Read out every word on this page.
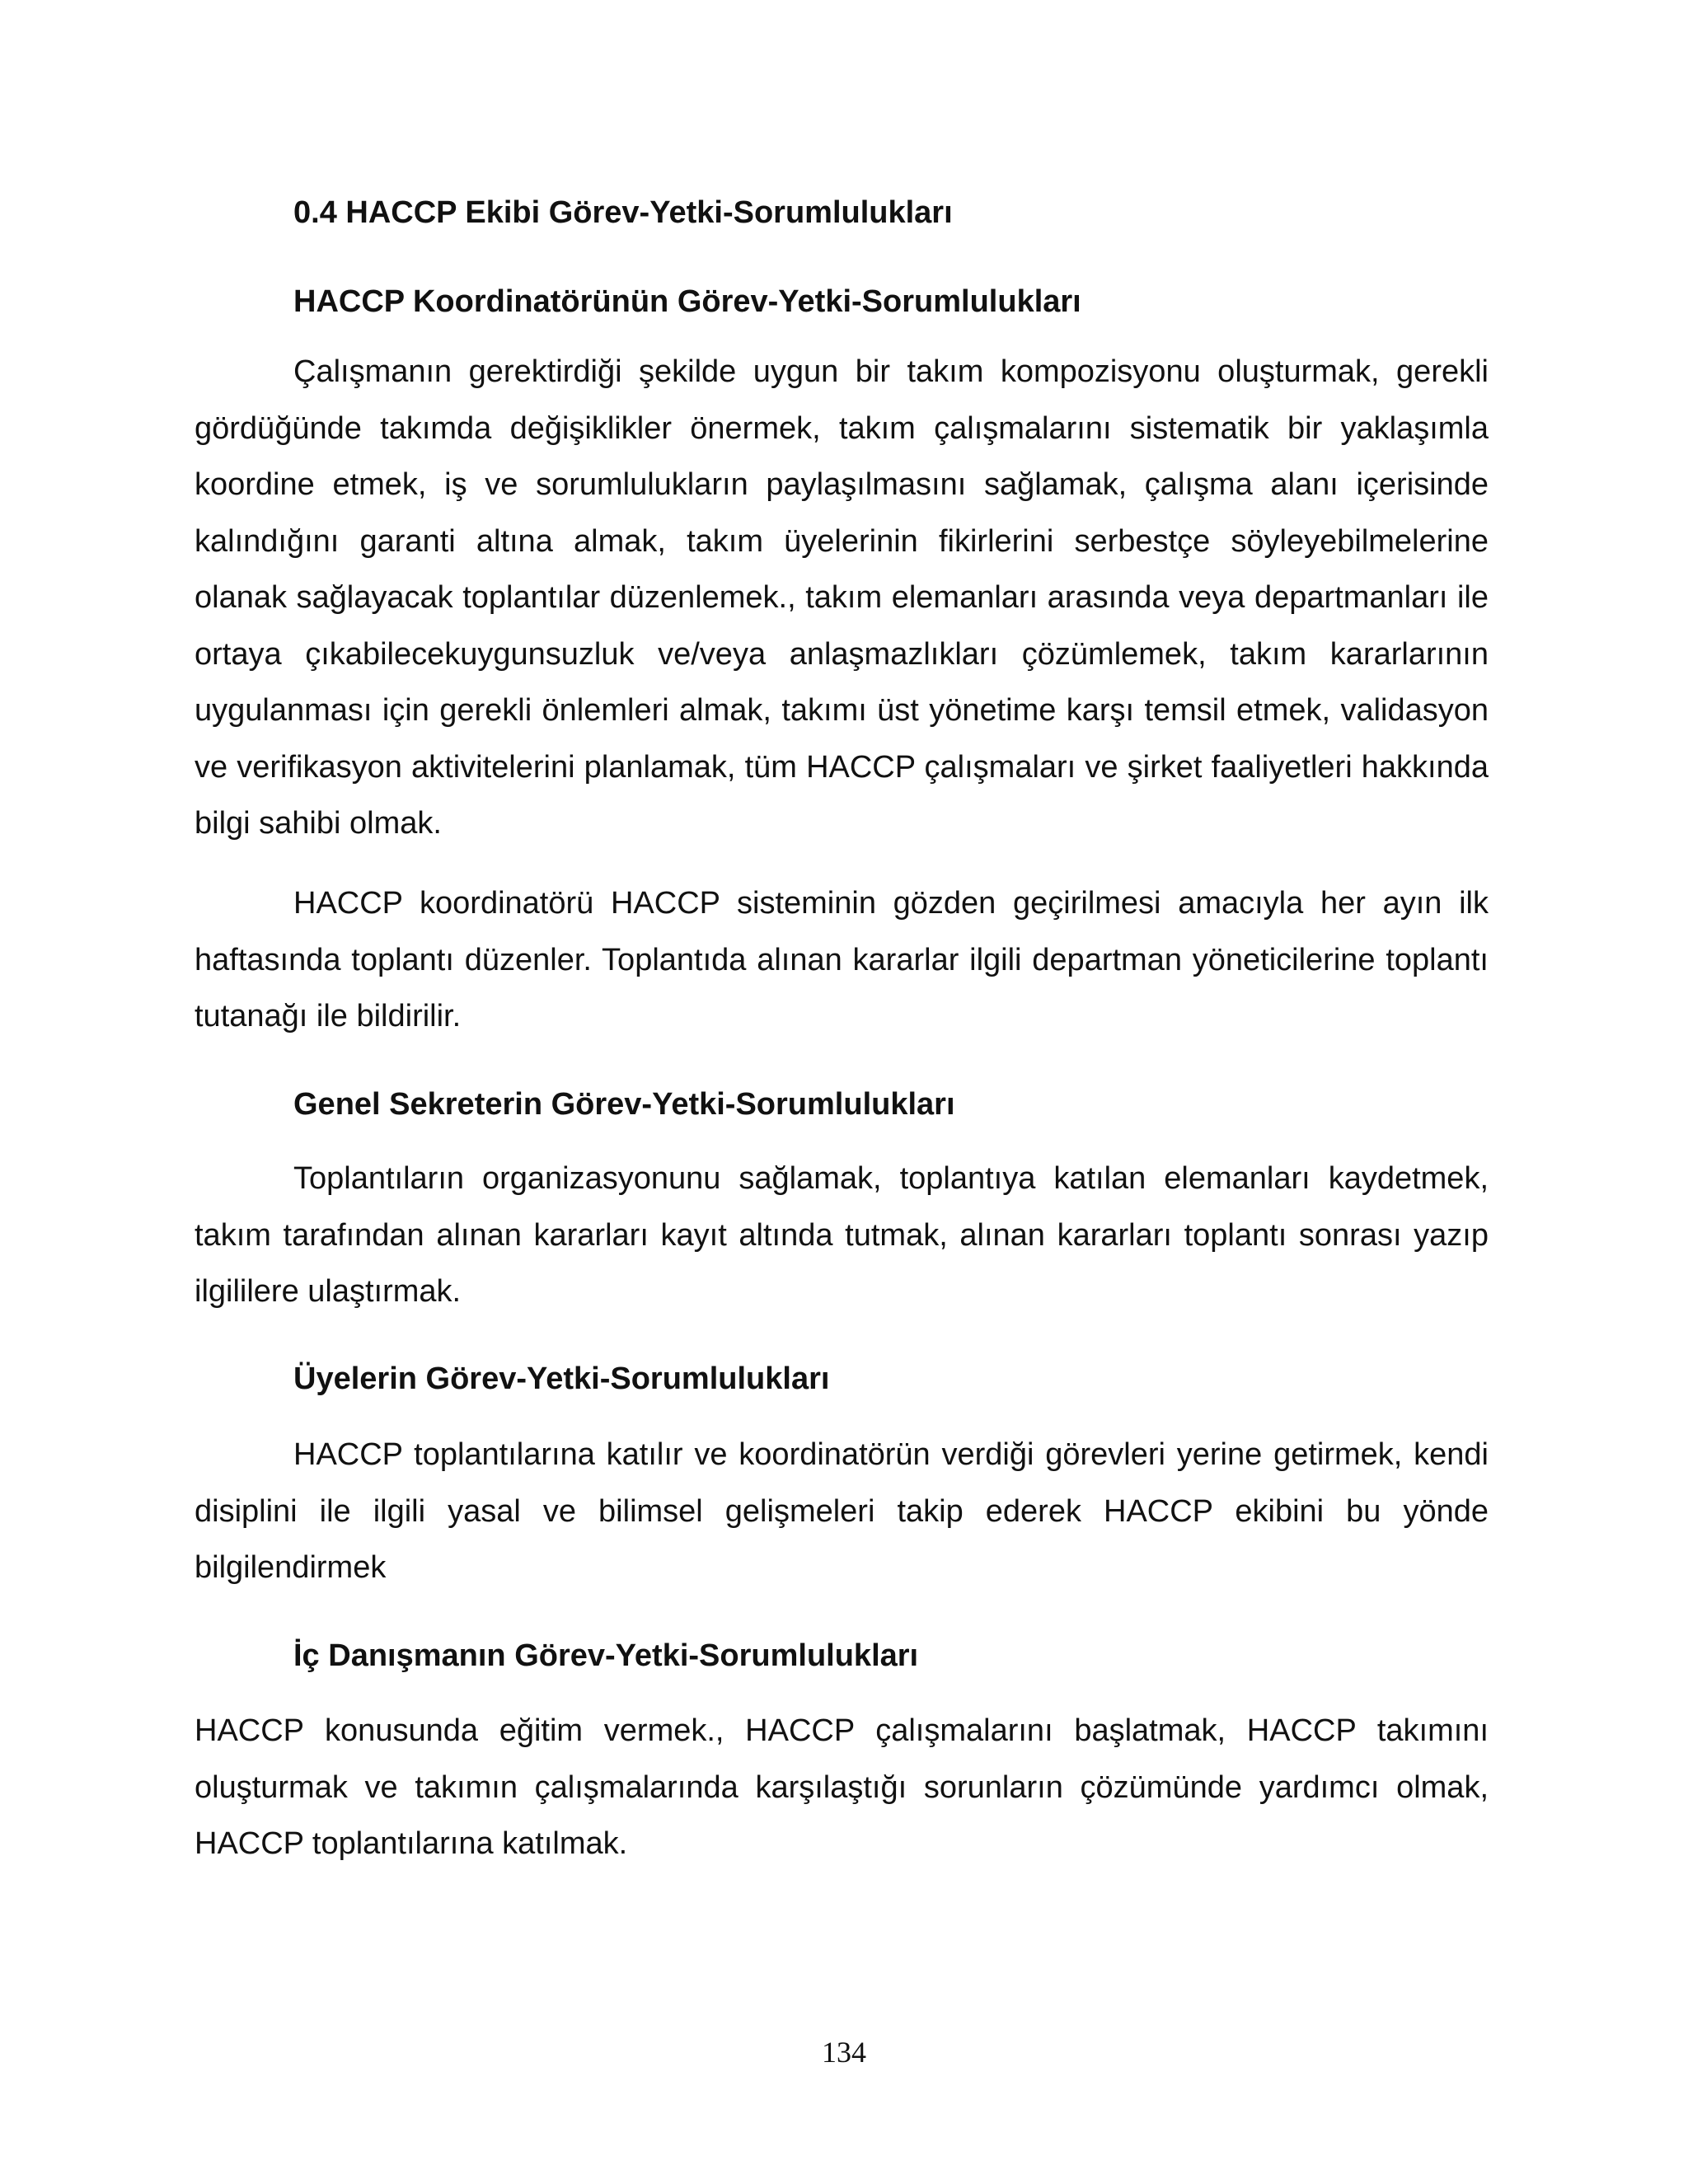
0.4 HACCP Ekibi Görev-Yetki-Sorumlulukları
HACCP Koordinatörünün Görev-Yetki-Sorumlulukları

Çalışmanın gerektirdiği şekilde uygun bir takım kompozisyonu oluşturmak, gerekli gördüğünde takımda değişiklikler önermek, takım çalışmalarını sistematik bir yaklaşımla koordine etmek, iş ve sorumlulukların paylaşılmasını sağlamak, çalışma alanı içerisinde kalındığını garanti altına almak, takım üyelerinin fikirlerini serbestçe söyleyebilmelerine olanak sağlayacak toplantılar düzenlemek., takım elemanları arasında veya departmanları ile ortaya çıkabilecekuygunsuzluk ve/veya anlaşmazlıkları çözümlemek, takım kararlarının uygulanması için gerekli önlemleri almak, takımı üst yönetime karşı temsil etmek, validasyon ve verifikasyon aktivitelerini planlamak, tüm HACCP çalışmaları ve şirket faaliyetleri hakkında bilgi sahibi olmak.

HACCP koordinatörü HACCP sisteminin gözden geçirilmesi amacıyla her ayın ilk haftasında toplantı düzenler. Toplantıda alınan kararlar ilgili departman yöneticilerine toplantı tutanağı ile bildirilir.

Genel Sekreterin Görev-Yetki-Sorumlulukları

Toplantıların organizasyonunu sağlamak, toplantıya katılan elemanları kaydetmek, takım tarafından alınan kararları kayıt altında tutmak, alınan kararları toplantı sonrası yazıp ilgililere ulaştırmak.

Üyelerin Görev-Yetki-Sorumlulukları

HACCP toplantılarına katılır ve koordinatörün verdiği görevleri yerine getirmek, kendi disiplini ile ilgili yasal ve bilimsel gelişmeleri takip ederek HACCP ekibini bu yönde bilgilendirmek

İç Danışmanın Görev-Yetki-Sorumlulukları

HACCP konusunda eğitim vermek., HACCP çalışmalarını başlatmak, HACCP takımını oluşturmak ve takımın çalışmalarında karşılaştığı sorunların çözümünde yardımcı olmak, HACCP toplantılarına katılmak.

134
